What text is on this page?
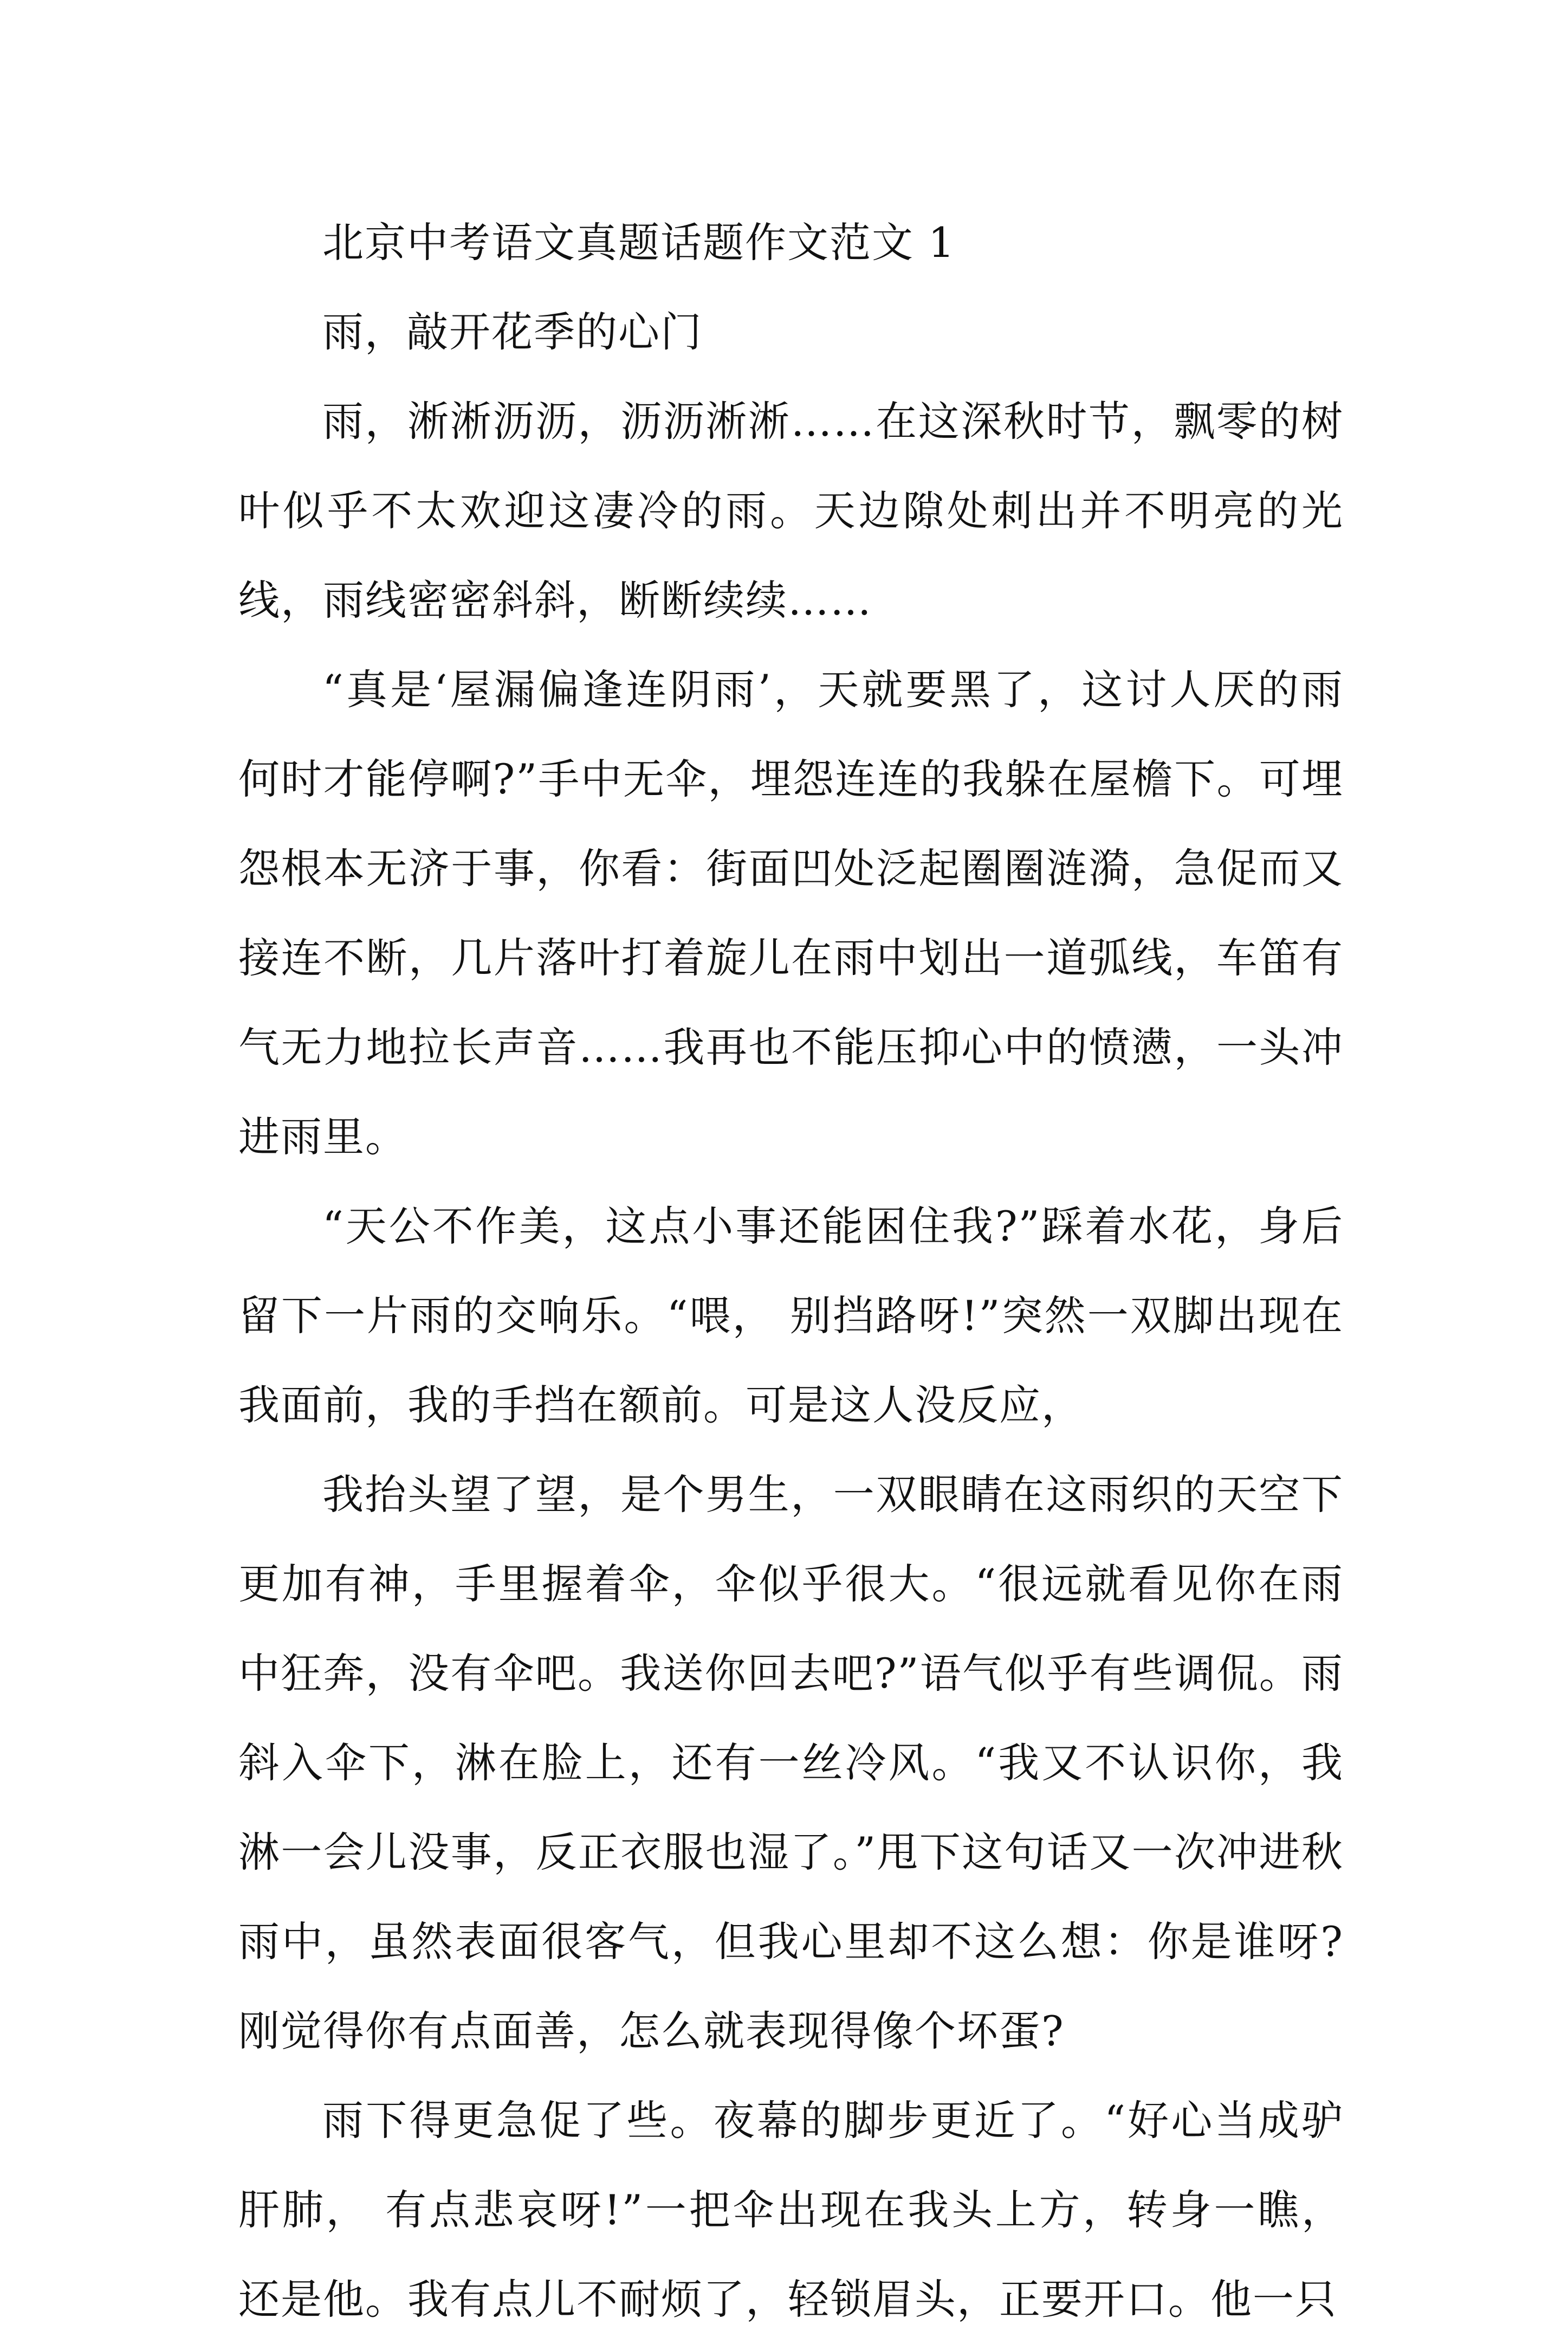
北京中考语文真题话题作文范文 1

雨，敲开花季的心门

雨，淅淅沥沥，沥沥淅淅……在这深秋时节，飘零的树叶似乎不太欢迎这凄冷的雨。天边隙处刺出并不明亮的光线，雨线密密斜斜，断断续续……

“真是‘屋漏偏逢连阴雨’，天就要黑了，这讨人厌的雨何时才能停啊?”手中无伞，埋怨连连的我躲在屋檐下。可埋怨根本无济于事，你看：街面凹处泛起圈圈涟漪，急促而又接连不断，几片落叶打着旋儿在雨中划出一道弧线，车笛有气无力地拉长声音……我再也不能压抑心中的愤懑，一头冲进雨里。

“天公不作美，这点小事还能困住我?”踩着水花，身后留下一片雨的交响乐。“喂， 别挡路呀!”突然一双脚出现在我面前，我的手挡在额前。可是这人没反应，

我抬头望了望，是个男生，一双眼睛在这雨织的天空下更加有神，手里握着伞，伞似乎很大。“很远就看见你在雨中狂奔，没有伞吧。我送你回去吧?”语气似乎有些调侃。雨斜入伞下，淋在脸上，还有一丝冷风。“我又不认识你，我淋一会儿没事，反正衣服也湿了。”甩下这句话又一次冲进秋雨中，虽然表面很客气，但我心里却不这么想：你是谁呀?刚觉得你有点面善，怎么就表现得像个坏蛋?

雨下得更急促了些。夜幕的脚步更近了。“好心当成驴肝肺， 有点悲哀呀!”一把伞出现在我头上方，转身一瞧，还是他。我有点儿不耐烦了，轻锁眉头，正要开口。他一只
